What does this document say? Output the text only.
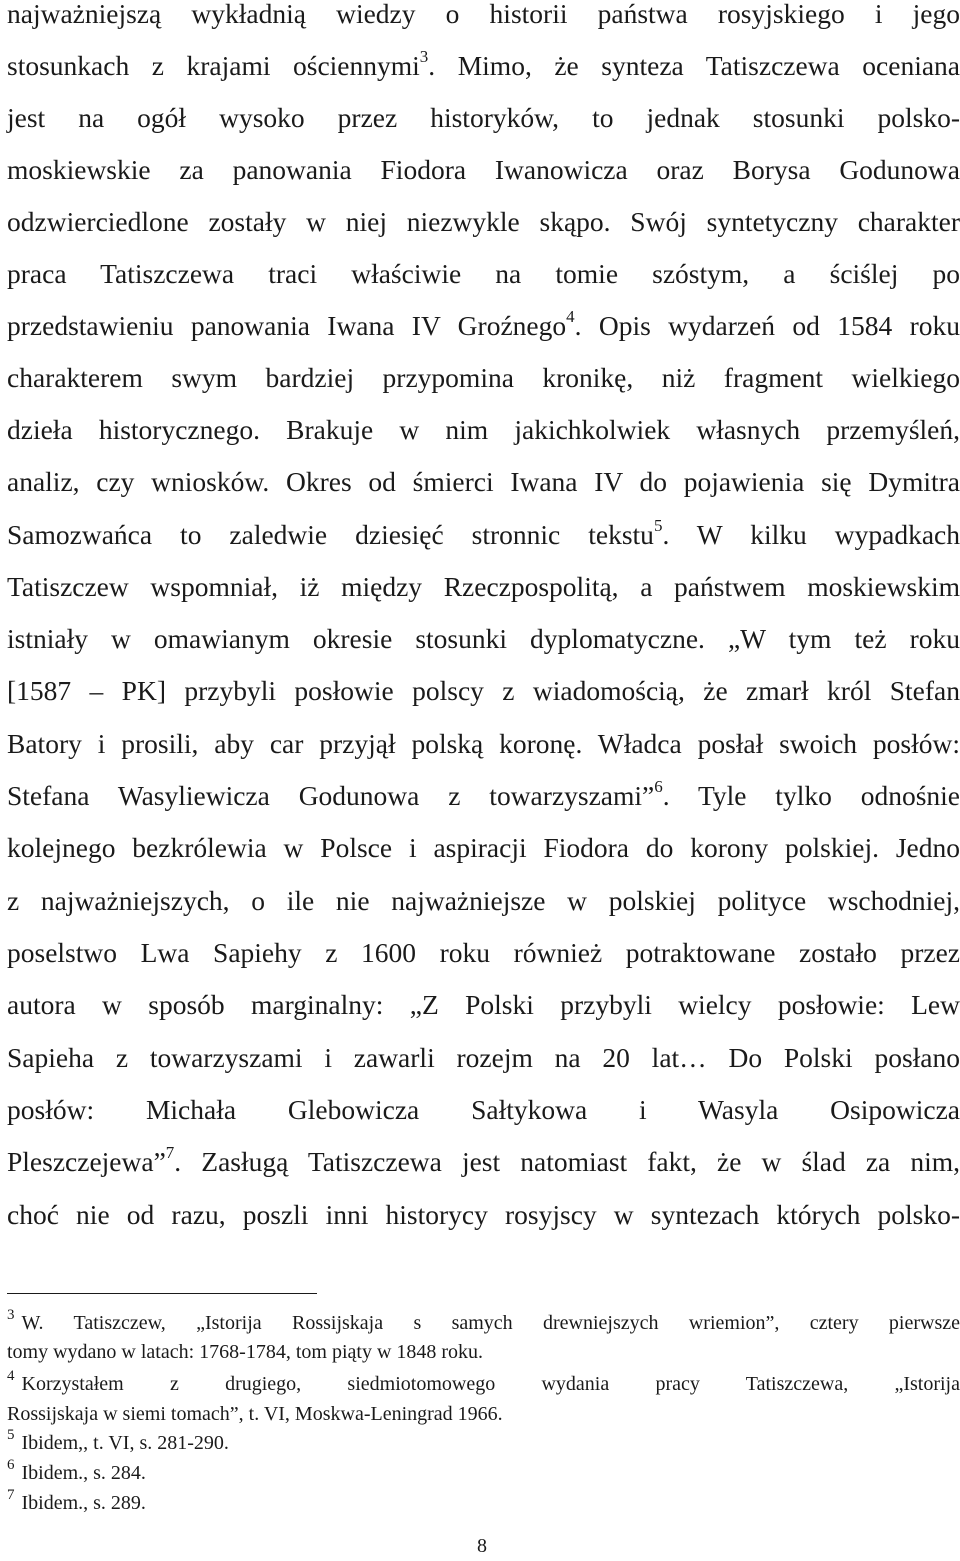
najważniejszą wykładnią wiedzy o historii państwa rosyjskiego i jego
stosunkach z krajami ościennymi$^3$. Mimo, że synteza Tatiszczewa oceniana
jest na ogół wysoko przez historyków, to jednak stosunki polsko-
moskiewskie za panowania Fiodora Iwanowicza oraz Borysa Godunowa
odzwierciedlone zostały w niej niezwykle skąpo. Swój syntetyczny charakter
praca Tatiszczewa traci właściwie na tomie szóstym, a ściślej po
przedstawieniu panowania Iwana IV Groźnego$^4$. Opis wydarzeń od 1584 roku
charakterem swym bardziej przypomina kronikę, niż fragment wielkiego
dzieła historycznego. Brakuje w nim jakichkolwiek własnych przemyśleń,
analiz, czy wniosków. Okres od śmierci Iwana IV do pojawienia się Dymitra
Samozwańca to zaledwie dziesięć stronnic tekstu$^5$. W kilku wypadkach
Tatiszczew wspomniał, iż między Rzeczpospolitą, a państwem moskiewskim
istniały w omawianym okresie stosunki dyplomatyczne. „W tym też roku
[1587 – PK] przybyli posłowie polscy z wiadomością, że zmarł król Stefan
Batory i prosili, aby car przyjął polską koronę. Władca posłał swoich posłów:
Stefana Wasyliewicza Godunowa z towarzyszami”$^6$. Tyle tylko odnośnie
kolejnego bezkrólewia w Polsce i aspiracji Fiodora do korony polskiej. Jedno
z najważniejszych, o ile nie najważniejsze w polskiej polityce wschodniej,
poselstwo Lwa Sapiehy z 1600 roku również potraktowane zostało przez
autora w sposób marginalny: „Z Polski przybyli wielcy posłowie: Lew
Sapieha z towarzyszami i zawarli rozejm na 20 lat… Do Polski posłano
posłów: Michała Glebowicza Sałtykowa i Wasyla Osipowicza
Pleszczejewa”$^7$. Zasługą Tatiszczewa jest natomiast fakt, że w ślad za nim,
choć nie od razu, poszli inni historycy rosyjscy w syntezach których polsko-
$^3$ W. Tatiszczew, „Istorija Rossijskaja s samych drewniejszych wriemion”, cztery pierwsze
tomy wydano w latach: 1768-1784, tom piąty w 1848 roku.
$^4$ Korzystałem z drugiego, siedmiotomowego wydania pracy Tatiszczewa, „Istorija
Rossijskaja w siemi tomach”, t. VI, Moskwa-Leningrad 1966.
$^5$ Ibidem,, t. VI, s. 281-290.
$^6$ Ibidem., s. 284.
$^7$ Ibidem., s. 289.
8
